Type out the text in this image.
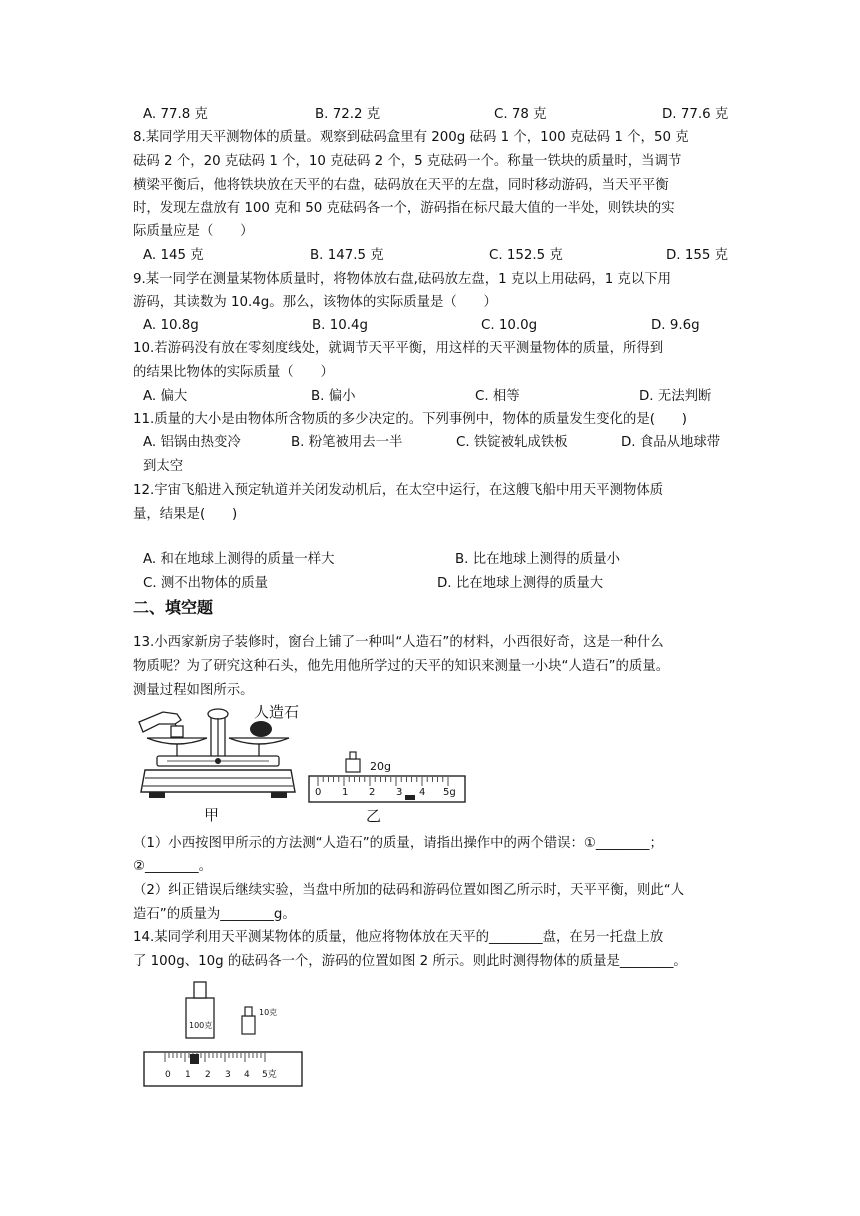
A. 77.8 克	B. 72.2 克	C. 78 克	D. 77.6 克
8.某同学用天平测物体的质量。观察到砝码盒里有 200g 砝码 1 个，100 克砝码 1 个，50 克
砝码 2 个，20 克砝码 1 个，10 克砝码 2 个，5 克砝码一个。称量一铁块的质量时，当调节
横梁平衡后，他将铁块放在天平的右盘，砝码放在天平的左盘，同时移动游码，当天平平衡
时，发现左盘放有 100 克和 50 克砝码各一个，游码指在标尺最大值的一半处，则铁块的实
际质量应是（　　）
A. 145 克	B. 147.5 克	C. 152.5 克	D. 155 克
9.某一同学在测量某物体质量时，将物体放右盘,砝码放左盘，1 克以上用砝码，1 克以下用
游码，其读数为 10.4g。那么，该物体的实际质量是（　　）
A. 10.8g	B. 10.4g	C. 10.0g	D. 9.6g
10.若游码没有放在零刻度线处，就调节天平平衡，用这样的天平测量物体的质量，所得到
的结果比物体的实际质量（　　）
A. 偏大	B. 偏小	C. 相等	D. 无法判断
11.质量的大小是由物体所含物质的多少决定的。下列事例中，物体的质量发生变化的是(　　)
A. 铝锅由热变冷	B. 粉笔被用去一半	C. 铁锭被轧成铁板	D. 食品从地球带
到太空
12.宇宙飞船进入预定轨道并关闭发动机后，在太空中运行，在这艘飞船中用天平测物体质
量，结果是(　　)
A. 和在地球上测得的质量一样大	B. 比在地球上测得的质量小
C. 测不出物体的质量	D. 比在地球上测得的质量大
二、填空题
13.小西家新房子装修时，窗台上铺了一种叫“人造石”的材料，小西很好奇，这是一种什么
物质呢？为了研究这种石头，他先用他所学过的天平的知识来测量一小块“人造石”的质量。
测量过程如图所示。
人造石
甲
20g
0 1 2 3 4 5g
乙
（1）小西按图甲所示的方法测“人造石”的质量，请指出操作中的两个错误：①________；
②________。
（2）纠正错误后继续实验，当盘中所加的砝码和游码位置如图乙所示时，天平平衡，则此“人
造石”的质量为________g。
14.某同学利用天平测某物体的质量，他应将物体放在天平的________盘，在另一托盘上放
了 100g、10g 的砝码各一个，游码的位置如图 2 所示。则此时测得物体的质量是________。
100克
10克
0 1 2 3 4 5克
